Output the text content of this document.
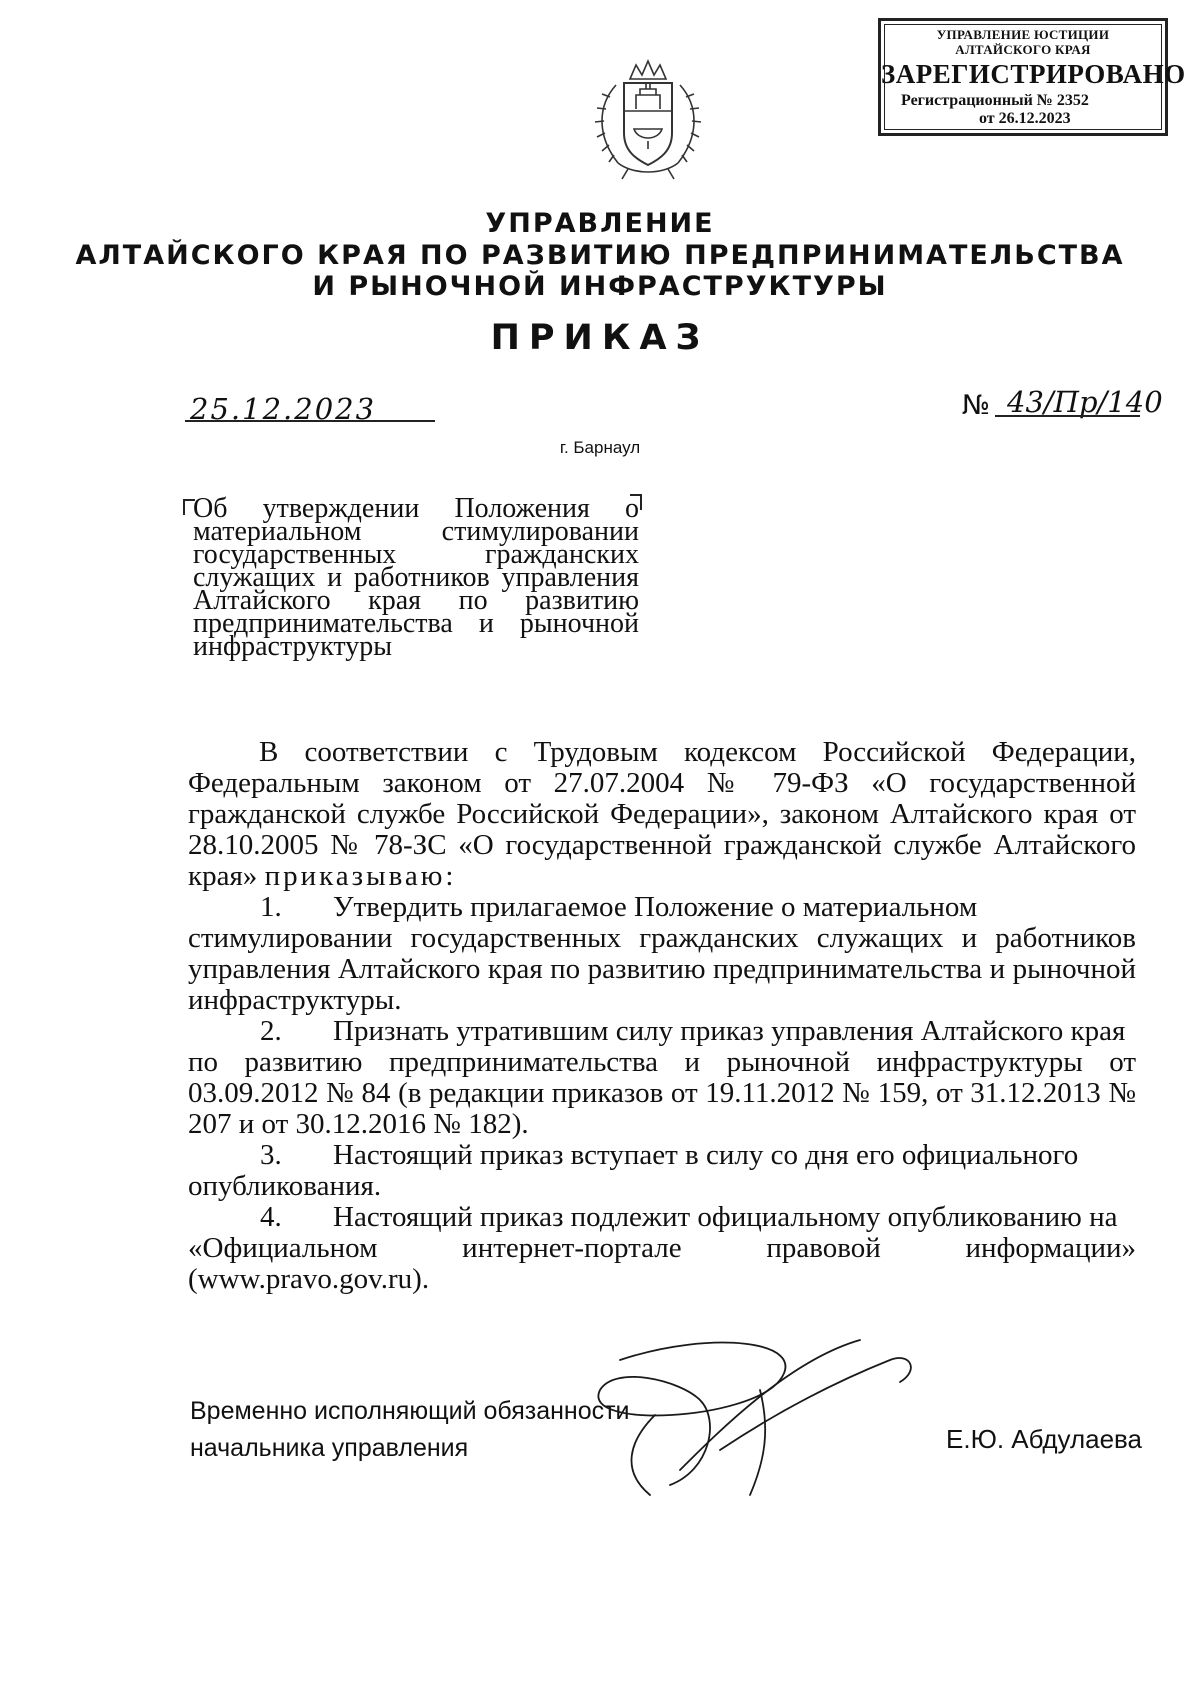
УПРАВЛЕНИЕ ЮСТИЦИИ
АЛТАЙСКОГО КРАЯ
ЗАРЕГИСТРИРОВАНО
Регистрационный № 2352
от 26.12.2023
УПРАВЛЕНИЕ
АЛТАЙСКОГО КРАЯ ПО РАЗВИТИЮ ПРЕДПРИНИМАТЕЛЬСТВА
И РЫНОЧНОЙ ИНФРАСТРУКТУРЫ
ПРИКАЗ
25.12.2023	№ 43/Пр/140
г. Барнаул
Об утверждении Положения о материальном стимулировании государственных гражданских служащих и работников управления Алтайского края по развитию предпринимательства и рыночной инфраструктуры

В соответствии с Трудовым кодексом Российской Федерации, Федеральным законом от 27.07.2004 № 79-ФЗ «О государственной гражданской службе Российской Федерации», законом Алтайского края от 28.10.2005 № 78-ЗС «О государственной гражданской службе Алтайского края» приказываю:

1.	Утвердить прилагаемое Положение о материальном

стимулировании государственных гражданских служащих и работников управления Алтайского края по развитию предпринимательства и рыночной инфраструктуры.

2.	Признать утратившим силу приказ управления Алтайского края

по развитию предпринимательства и рыночной инфраструктуры от 03.09.2012 № 84 (в редакции приказов от 19.11.2012 № 159, от 31.12.2013 № 207 и от 30.12.2016 № 182).

3.	Настоящий приказ вступает в силу со дня его официального

опубликования.

4.	Настоящий приказ подлежит официальному опубликованию на

«Официальном интернет-портале правовой информации» (www.pravo.gov.ru).

Временно исполняющий обязанности
начальника управления	Е.Ю. Абдулаева
